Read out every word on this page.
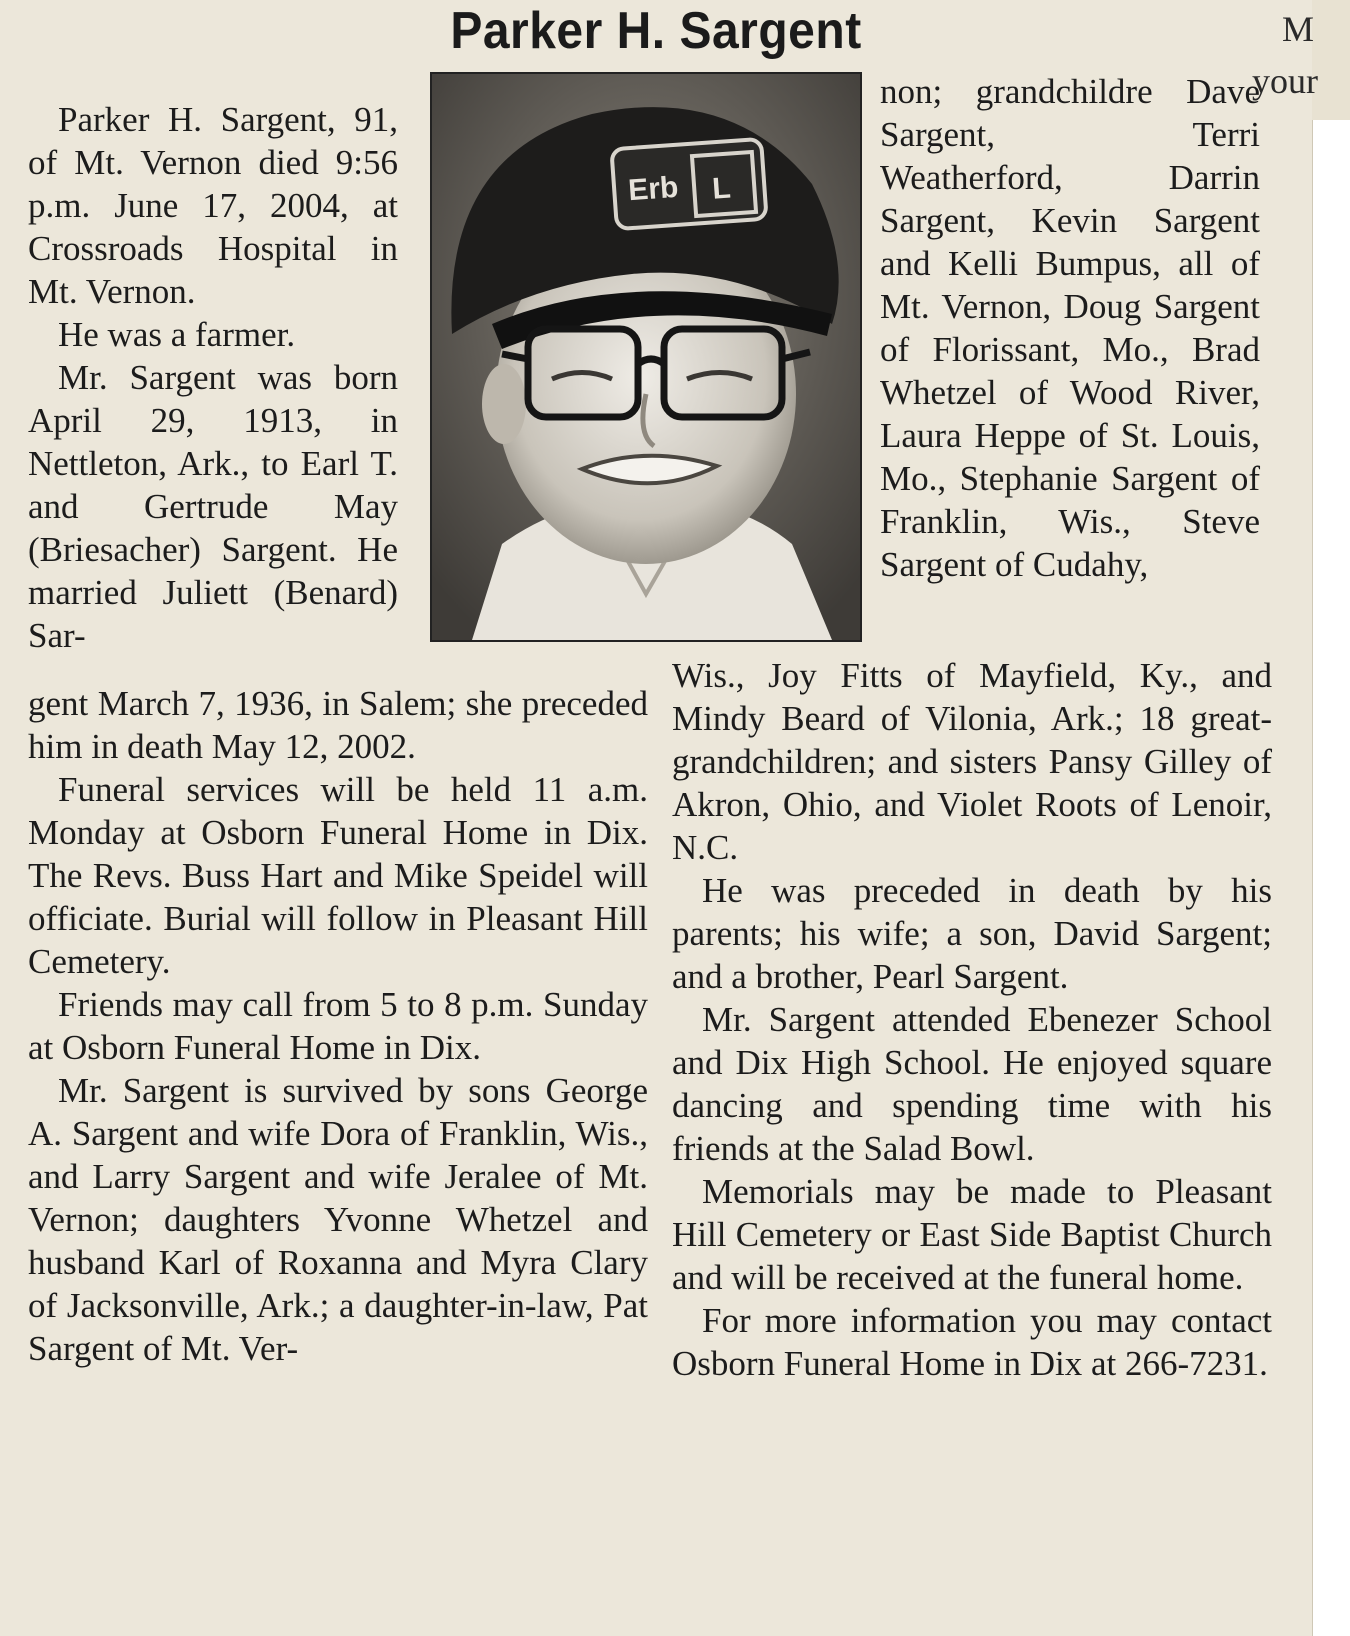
Parker H. Sargent
Erb L

Parker H. Sargent, 91, of Mt. Vernon died 9:56 p.m. June 17, 2004, at Crossroads Hospital in Mt. Vernon.

He was a farmer.

Mr. Sargent was born April 29, 1913, in Nettleton, Ark., to Earl T. and Gertrude May (Briesacher) Sargent. He married Juliett (Benard) Sar-

gent March 7, 1936, in Salem; she preceded him in death May 12, 2002.

Funeral services will be held 11 a.m. Monday at Osborn Funeral Home in Dix. The Revs. Buss Hart and Mike Speidel will officiate. Burial will follow in Pleasant Hill Cemetery.

Friends may call from 5 to 8 p.m. Sunday at Osborn Funeral Home in Dix.

Mr. Sargent is survived by sons George A. Sargent and wife Dora of Franklin, Wis., and Larry Sargent and wife Jeralee of Mt. Vernon; daughters Yvonne Whetzel and husband Karl of Roxanna and Myra Clary of Jacksonville, Ark.; a daughter-in-law, Pat Sargent of Mt. Ver-

non; grandchildre Dave Sargent, Terri Weatherford, Darrin Sargent, Kevin Sargent and Kelli Bumpus, all of Mt. Vernon, Doug Sargent of Florissant, Mo., Brad Whetzel of Wood River, Laura Heppe of St. Louis, Mo., Stephanie Sargent of Franklin, Wis., Steve Sargent of Cudahy,

Wis., Joy Fitts of Mayfield, Ky., and Mindy Beard of Vilonia, Ark.; 18 great-grandchildren; and sisters Pansy Gilley of Akron, Ohio, and Violet Roots of Lenoir, N.C.

He was preceded in death by his parents; his wife; a son, David Sargent; and a brother, Pearl Sargent.

Mr. Sargent attended Ebenezer School and Dix High School. He enjoyed square dancing and spending time with his friends at the Salad Bowl.

Memorials may be made to Pleasant Hill Cemetery or East Side Baptist Church and will be received at the funeral home.

For more information you may contact Osborn Funeral Home in Dix at 266-7231.

M
your
